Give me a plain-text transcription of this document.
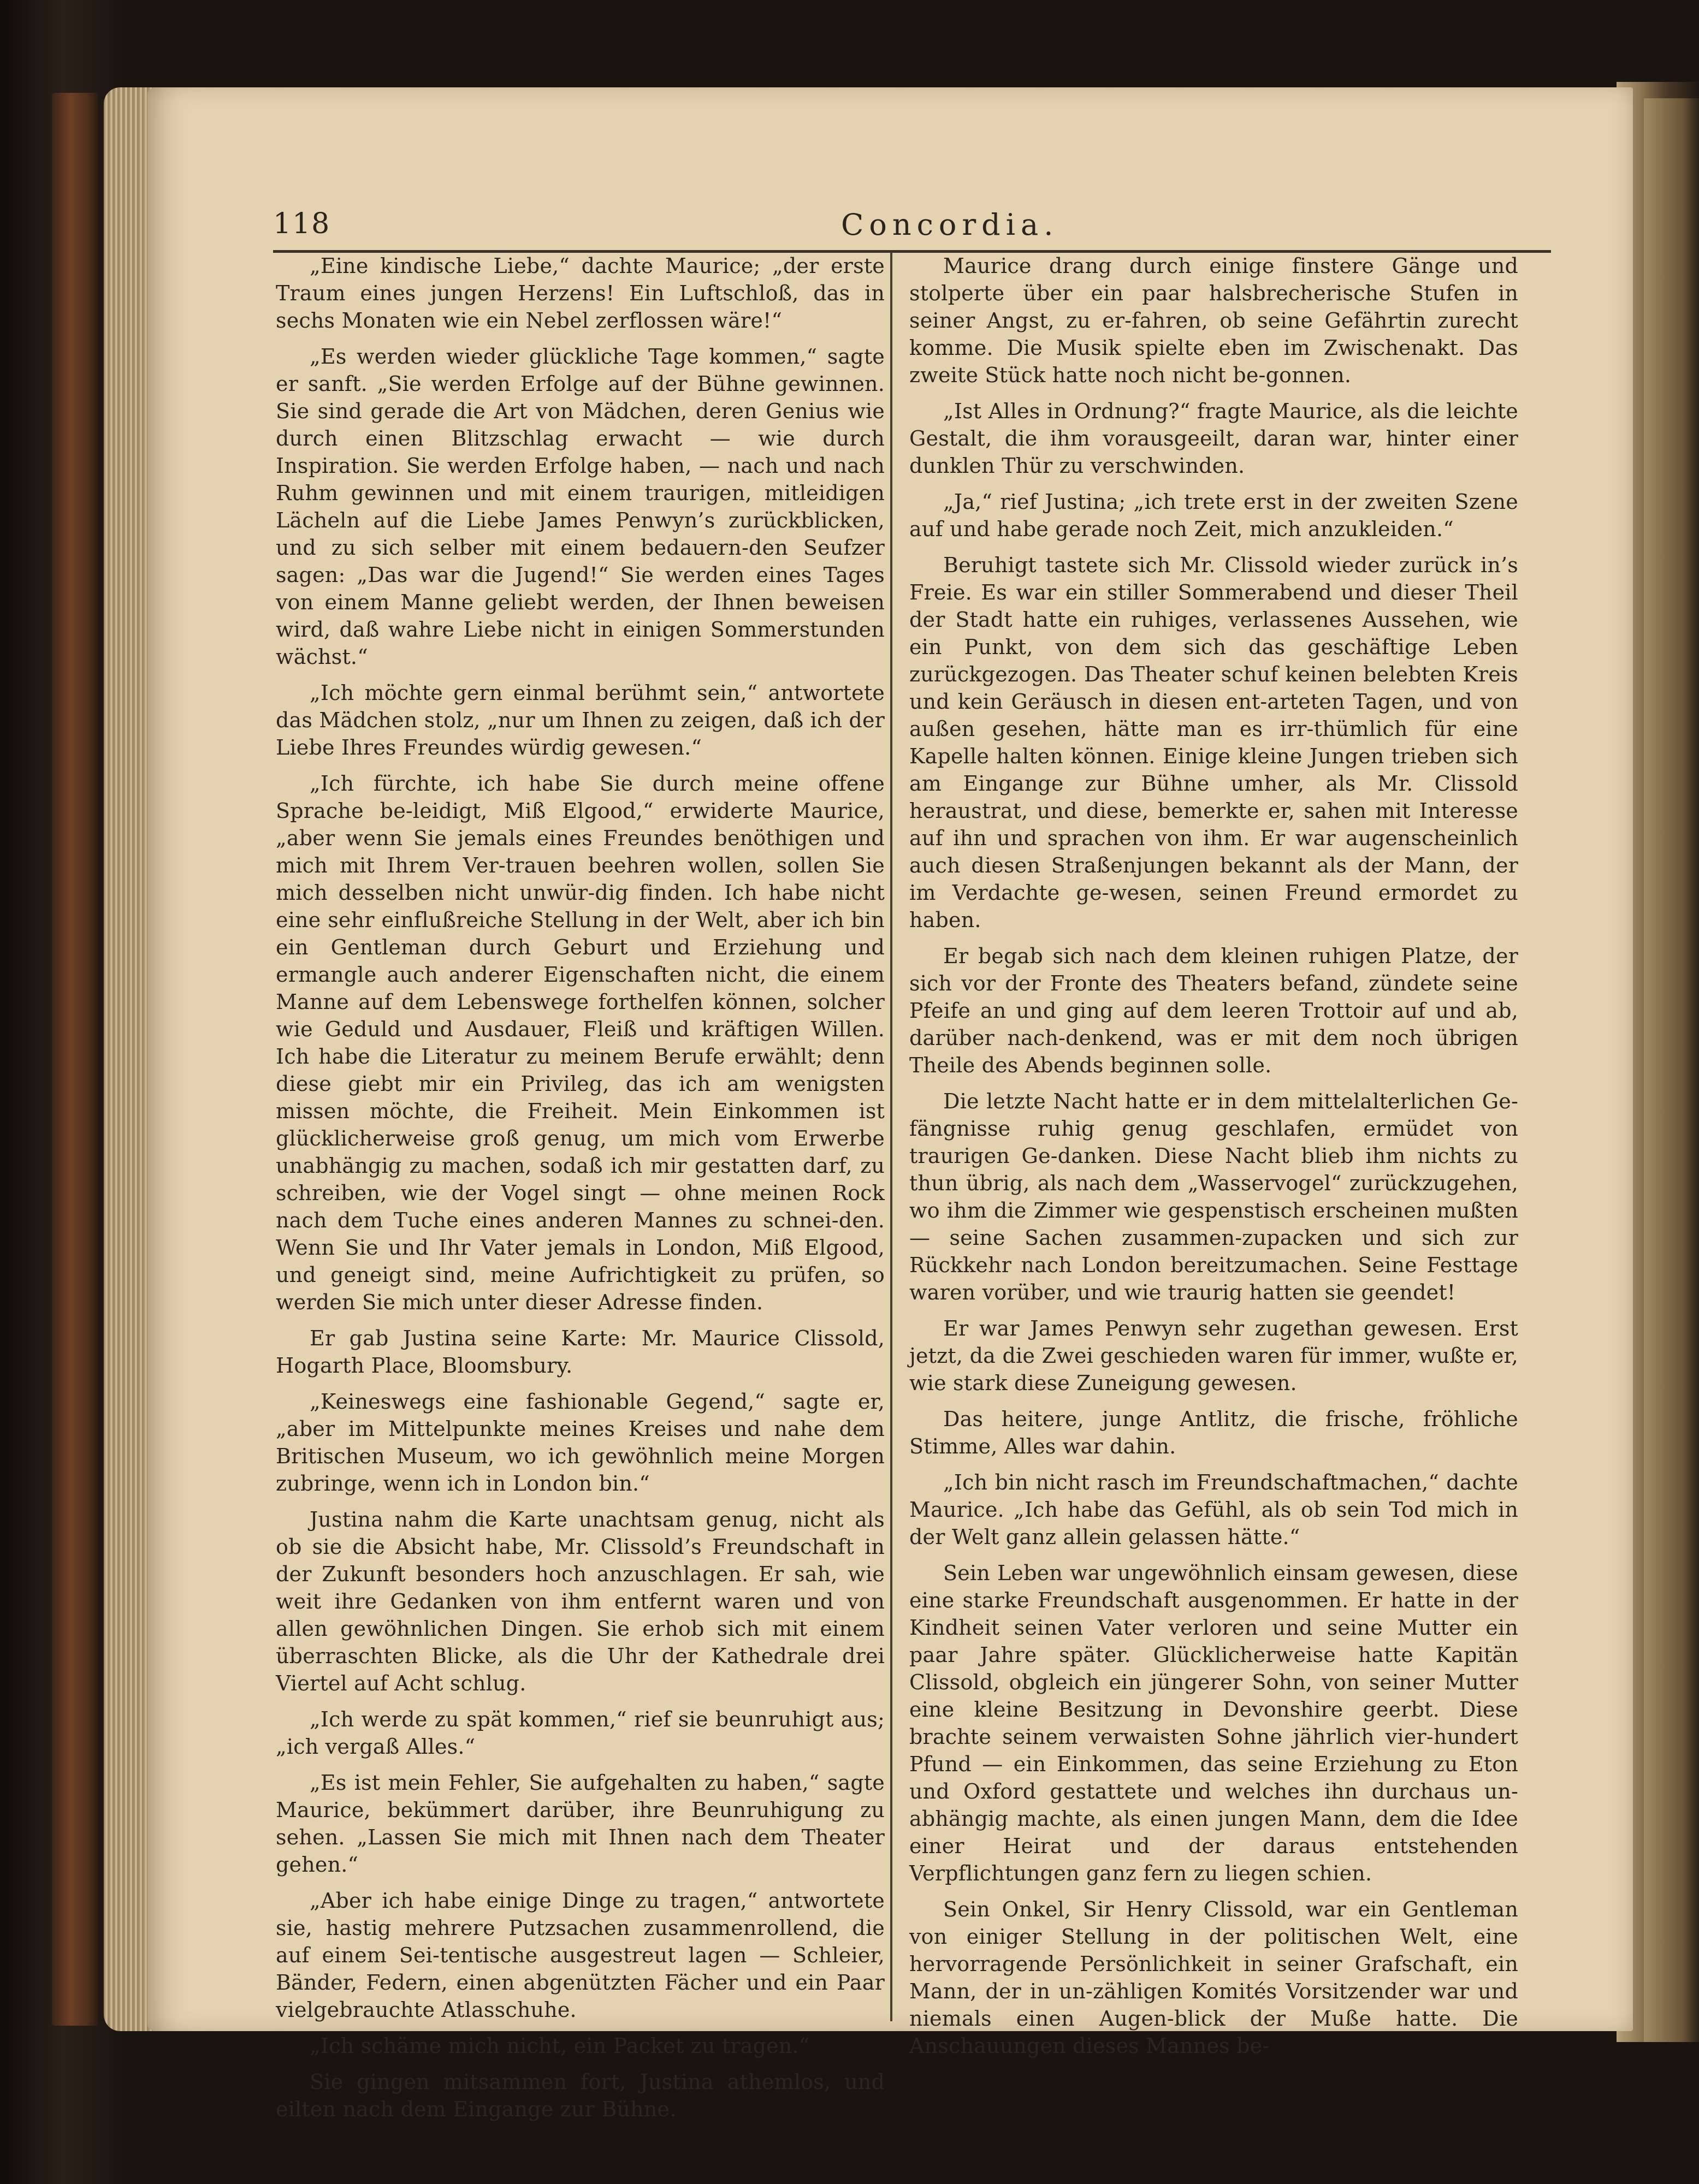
118	Concordia.

„Eine kindische Liebe,“ dachte Maurice; „der erste Traum eines jungen Herzens! Ein Luftschloß, das in sechs Monaten wie ein Nebel zerflossen wäre!“

„Es werden wieder glückliche Tage kommen,“ sagte er sanft. „Sie werden Erfolge auf der Bühne gewinnen. Sie sind gerade die Art von Mädchen, deren Genius wie durch einen Blitzschlag erwacht — wie durch Inspiration. Sie werden Erfolge haben, — nach und nach Ruhm gewinnen und mit einem traurigen, mitleidigen Lächeln auf die Liebe James Penwyn’s zurückblicken, und zu sich selber mit einem bedauern-den Seufzer sagen: „Das war die Jugend!“ Sie werden eines Tages von einem Manne geliebt werden, der Ihnen beweisen wird, daß wahre Liebe nicht in einigen Sommerstunden wächst.“

„Ich möchte gern einmal berühmt sein,“ antwortete das Mädchen stolz, „nur um Ihnen zu zeigen, daß ich der Liebe Ihres Freundes würdig gewesen.“

„Ich fürchte, ich habe Sie durch meine offene Sprache be-leidigt, Miß Elgood,“ erwiderte Maurice, „aber wenn Sie jemals eines Freundes benöthigen und mich mit Ihrem Ver-trauen beehren wollen, sollen Sie mich desselben nicht unwür-dig finden. Ich habe nicht eine sehr einflußreiche Stellung in der Welt, aber ich bin ein Gentleman durch Geburt und Erziehung und ermangle auch anderer Eigenschaften nicht, die einem Manne auf dem Lebenswege forthelfen können, solcher wie Geduld und Ausdauer, Fleiß und kräftigen Willen. Ich habe die Literatur zu meinem Berufe erwählt; denn diese giebt mir ein Privileg, das ich am wenigsten missen möchte, die Freiheit. Mein Einkommen ist glücklicherweise groß genug, um mich vom Erwerbe unabhängig zu machen, sodaß ich mir gestatten darf, zu schreiben, wie der Vogel singt — ohne meinen Rock nach dem Tuche eines anderen Mannes zu schnei-den. Wenn Sie und Ihr Vater jemals in London, Miß Elgood, und geneigt sind, meine Aufrichtigkeit zu prüfen, so werden Sie mich unter dieser Adresse finden.

Er gab Justina seine Karte: Mr. Maurice Clissold, Hogarth Place, Bloomsbury.

„Keineswegs eine fashionable Gegend,“ sagte er, „aber im Mittelpunkte meines Kreises und nahe dem Britischen Museum, wo ich gewöhnlich meine Morgen zubringe, wenn ich in London bin.“

Justina nahm die Karte unachtsam genug, nicht als ob sie die Absicht habe, Mr. Clissold’s Freundschaft in der Zukunft besonders hoch anzuschlagen. Er sah, wie weit ihre Gedanken von ihm entfernt waren und von allen gewöhnlichen Dingen. Sie erhob sich mit einem überraschten Blicke, als die Uhr der Kathedrale drei Viertel auf Acht schlug.

„Ich werde zu spät kommen,“ rief sie beunruhigt aus; „ich vergaß Alles.“

„Es ist mein Fehler, Sie aufgehalten zu haben,“ sagte Maurice, bekümmert darüber, ihre Beunruhigung zu sehen. „Lassen Sie mich mit Ihnen nach dem Theater gehen.“

„Aber ich habe einige Dinge zu tragen,“ antwortete sie, hastig mehrere Putzsachen zusammenrollend, die auf einem Sei-tentische ausgestreut lagen — Schleier, Bänder, Federn, einen abgenützten Fächer und ein Paar vielgebrauchte Atlasschuhe.

„Ich schäme mich nicht, ein Packet zu tragen.“

Sie gingen mitsammen fort, Justina athemlos, und eilten nach dem Eingange zur Bühne.

Maurice drang durch einige finstere Gänge und stolperte über ein paar halsbrecherische Stufen in seiner Angst, zu er-fahren, ob seine Gefährtin zurecht komme. Die Musik spielte eben im Zwischenakt. Das zweite Stück hatte noch nicht be-gonnen.

„Ist Alles in Ordnung?“ fragte Maurice, als die leichte Gestalt, die ihm vorausgeeilt, daran war, hinter einer dunklen Thür zu verschwinden.

„Ja,“ rief Justina; „ich trete erst in der zweiten Szene auf und habe gerade noch Zeit, mich anzukleiden.“

Beruhigt tastete sich Mr. Clissold wieder zurück in’s Freie. Es war ein stiller Sommerabend und dieser Theil der Stadt hatte ein ruhiges, verlassenes Aussehen, wie ein Punkt, von dem sich das geschäftige Leben zurückgezogen. Das Theater schuf keinen belebten Kreis und kein Geräusch in diesen ent-arteten Tagen, und von außen gesehen, hätte man es irr-thümlich für eine Kapelle halten können. Einige kleine Jungen trieben sich am Eingange zur Bühne umher, als Mr. Clissold heraustrat, und diese, bemerkte er, sahen mit Interesse auf ihn und sprachen von ihm. Er war augenscheinlich auch diesen Straßenjungen bekannt als der Mann, der im Verdachte ge-wesen, seinen Freund ermordet zu haben.

Er begab sich nach dem kleinen ruhigen Platze, der sich vor der Fronte des Theaters befand, zündete seine Pfeife an und ging auf dem leeren Trottoir auf und ab, darüber nach-denkend, was er mit dem noch übrigen Theile des Abends beginnen solle.

Die letzte Nacht hatte er in dem mittelalterlichen Ge-fängnisse ruhig genug geschlafen, ermüdet von traurigen Ge-danken. Diese Nacht blieb ihm nichts zu thun übrig, als nach dem „Wasservogel“ zurückzugehen, wo ihm die Zimmer wie gespenstisch erscheinen mußten — seine Sachen zusammen-zupacken und sich zur Rückkehr nach London bereitzumachen. Seine Festtage waren vorüber, und wie traurig hatten sie geendet!

Er war James Penwyn sehr zugethan gewesen. Erst jetzt, da die Zwei geschieden waren für immer, wußte er, wie stark diese Zuneigung gewesen.

Das heitere, junge Antlitz, die frische, fröhliche Stimme, Alles war dahin.

„Ich bin nicht rasch im Freundschaftmachen,“ dachte Maurice. „Ich habe das Gefühl, als ob sein Tod mich in der Welt ganz allein gelassen hätte.“

Sein Leben war ungewöhnlich einsam gewesen, diese eine starke Freundschaft ausgenommen. Er hatte in der Kindheit seinen Vater verloren und seine Mutter ein paar Jahre später. Glücklicherweise hatte Kapitän Clissold, obgleich ein jüngerer Sohn, von seiner Mutter eine kleine Besitzung in Devonshire geerbt. Diese brachte seinem verwaisten Sohne jährlich vier-hundert Pfund — ein Einkommen, das seine Erziehung zu Eton und Oxford gestattete und welches ihn durchaus un-abhängig machte, als einen jungen Mann, dem die Idee einer Heirat und der daraus entstehenden Verpflichtungen ganz fern zu liegen schien.

Sein Onkel, Sir Henry Clissold, war ein Gentleman von einiger Stellung in der politischen Welt, eine hervorragende Persönlichkeit in seiner Grafschaft, ein Mann, der in un-zähligen Komités Vorsitzender war und niemals einen Augen-blick der Muße hatte. Die Anschauungen dieses Mannes be-
